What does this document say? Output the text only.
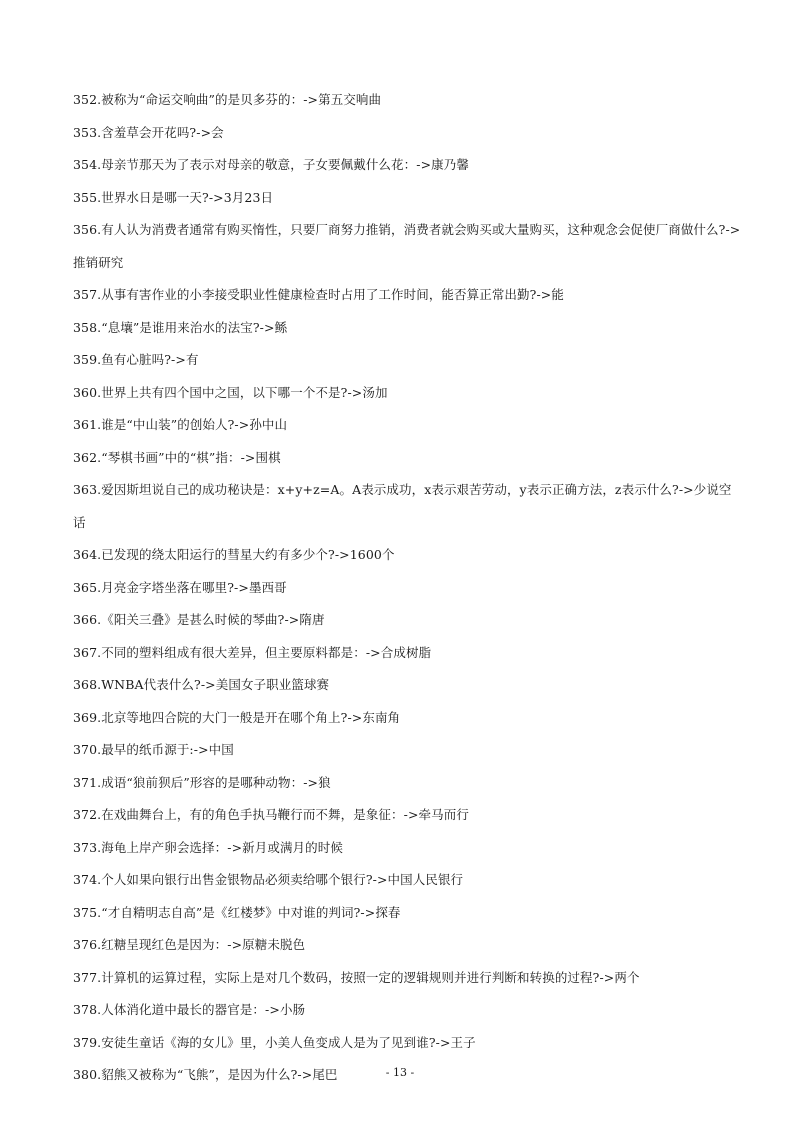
352.被称为“命运交响曲”的是贝多芬的：->第五交响曲
353.含羞草会开花吗?->会
354.母亲节那天为了表示对母亲的敬意，子女要佩戴什么花：->康乃馨
355.世界水日是哪一天?->3月23日
356.有人认为消费者通常有购买惰性，只要厂商努力推销，消费者就会购买或大量购买，这种观念会促使厂商做什么?->推销研究
357.从事有害作业的小李接受职业性健康检查时占用了工作时间，能否算正常出勤?->能
358.“息壤”是谁用来治水的法宝?->鲧
359.鱼有心脏吗?->有
360.世界上共有四个国中之国，以下哪一个不是?->汤加
361.谁是“中山装”的创始人?->孙中山
362.“琴棋书画”中的“棋”指：->围棋
363.爱因斯坦说自己的成功秘诀是：x+y+z=A。A表示成功，x表示艰苦劳动，y表示正确方法，z表示什么?->少说空话
364.已发现的绕太阳运行的彗星大约有多少个?->1600个
365.月亮金字塔坐落在哪里?->墨西哥
366.《阳关三叠》是甚么时候的琴曲?->隋唐
367.不同的塑料组成有很大差异，但主要原料都是：->合成树脂
368.WNBA代表什么?->美国女子职业篮球赛
369.北京等地四合院的大门一般是开在哪个角上?->东南角
370.最早的纸币源于:->中国
371.成语“狼前狈后”形容的是哪种动物：->狼
372.在戏曲舞台上，有的角色手执马鞭行而不舞，是象征：->牵马而行
373.海龟上岸产卵会选择：->新月或满月的时候
374.个人如果向银行出售金银物品必须卖给哪个银行?->中国人民银行
375.“才自精明志自高”是《红楼梦》中对谁的判词?->探春
376.红糖呈现红色是因为：->原糖未脱色
377.计算机的运算过程，实际上是对几个数码，按照一定的逻辑规则并进行判断和转换的过程?->两个
378.人体消化道中最长的器官是：->小肠
379.安徒生童话《海的女儿》里，小美人鱼变成人是为了见到谁?->王子
380.貂熊又被称为“飞熊”，是因为什么?->尾巴	- 13 -
